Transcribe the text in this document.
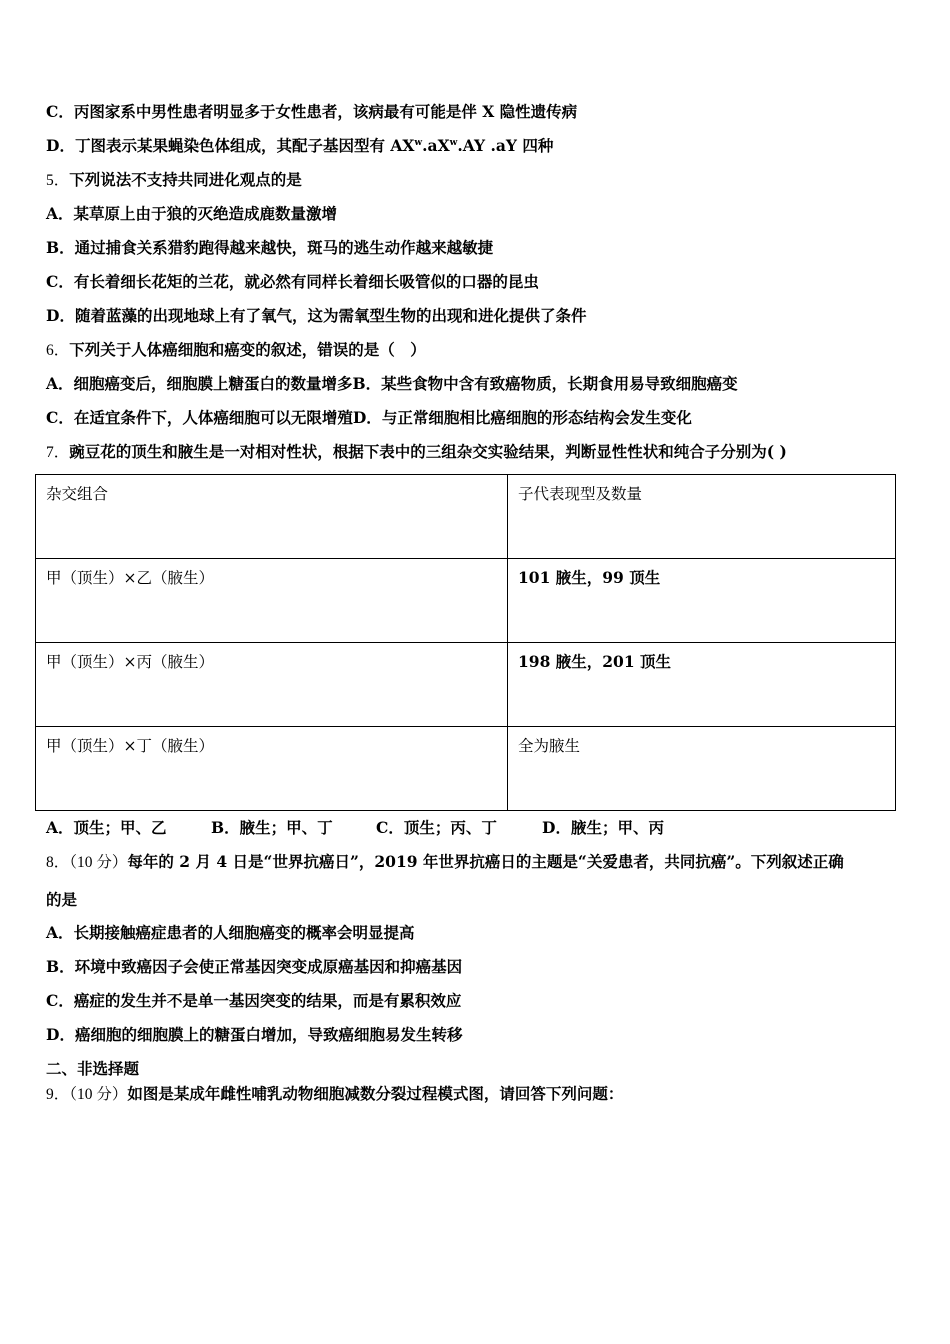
C．丙图家系中男性患者明显多于女性患者，该病最有可能是伴 X 隐性遗传病
D．丁图表示某果蝇染色体组成，其配子基因型有 $AX^w.aX^w.AY$ .aY 四种
5．下列说法不支持共同进化观点的是
A．某草原上由于狼的灭绝造成鹿数量激增
B．通过捕食关系猎豹跑得越来越快，斑马的逃生动作越来越敏捷
C．有长着细长花矩的兰花，就必然有同样长着细长吸管似的口器的昆虫
D．随着蓝藻的出现地球上有了氧气，这为需氧型生物的出现和进化提供了条件
6．下列关于人体癌细胞和癌变的叙述，错误的是（　）
A．细胞癌变后，细胞膜上糖蛋白的数量增多B．某些食物中含有致癌物质，长期食用易导致细胞癌变
C．在适宜条件下，人体癌细胞可以无限增殖D．与正常细胞相比癌细胞的形态结构会发生变化
7．豌豆花的顶生和腋生是一对相对性状，根据下表中的三组杂交实验结果，判断显性性状和纯合子分别为( )
杂交组合	子代表现型及数量
甲（顶生）×乙（腋生）	101 腋生，99 顶生
甲（顶生）×丙（腋生）	198 腋生，201 顶生
甲（顶生）×丁（腋生）	全为腋生
A．顶生；甲、乙	B．腋生；甲、丁	C．顶生；丙、丁	D．腋生；甲、丙
8．（10 分）每年的 2 月 4 日是“世界抗癌日”，2019 年世界抗癌日的主题是“关爱患者，共同抗癌”。下列叙述正确
的是
A．长期接触癌症患者的人细胞癌变的概率会明显提高
B．环境中致癌因子会使正常基因突变成原癌基因和抑癌基因
C．癌症的发生并不是单一基因突变的结果，而是有累积效应
D．癌细胞的细胞膜上的糖蛋白增加，导致癌细胞易发生转移
二、非选择题
9．（10 分）如图是某成年雌性哺乳动物细胞减数分裂过程模式图，请回答下列问题：
